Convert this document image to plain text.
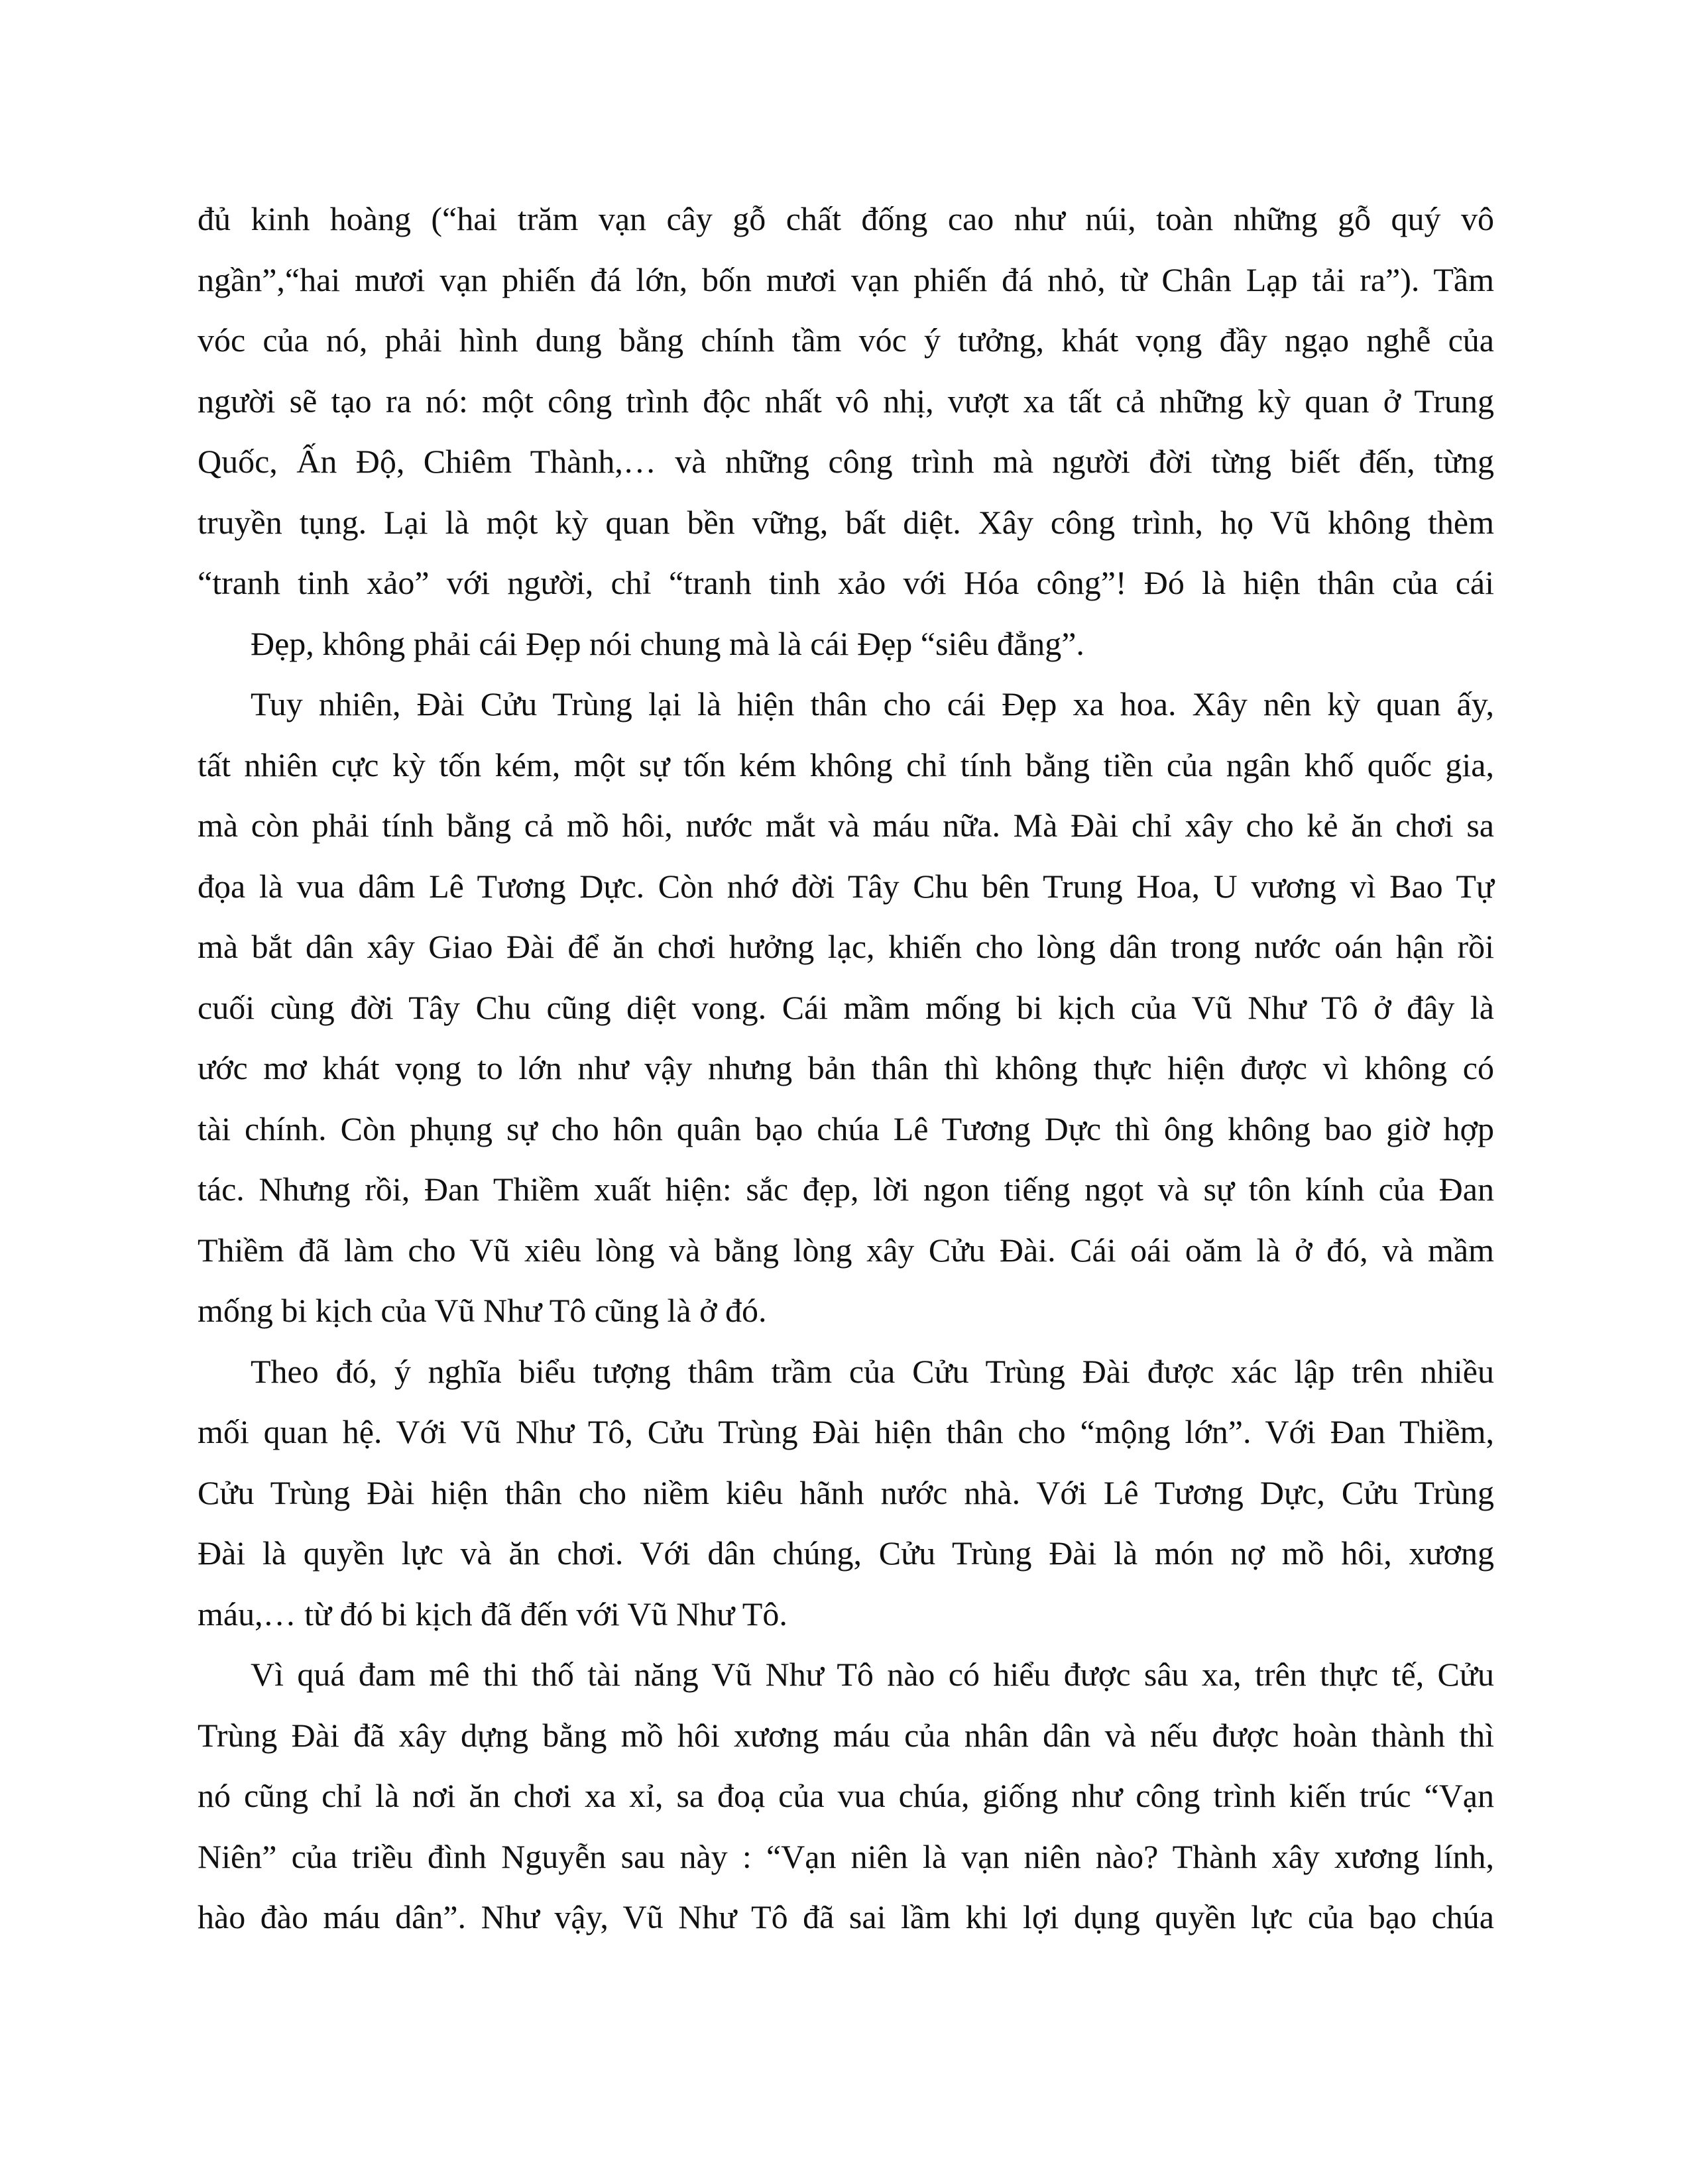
đủ kinh hoàng (“hai trăm vạn cây gỗ chất đống cao như núi, toàn những gỗ quý vô
ngần”,“hai mươi vạn phiến đá lớn, bốn mươi vạn phiến đá nhỏ, từ Chân Lạp tải ra”). Tầm
vóc của nó, phải hình dung bằng chính tầm vóc ý tưởng, khát vọng đầy ngạo nghễ của
người sẽ tạo ra nó: một công trình độc nhất vô nhị, vượt xa tất cả những kỳ quan ở Trung
Quốc, Ấn Độ, Chiêm Thành,… và những công trình mà người đời từng biết đến, từng
truyền tụng. Lại là một kỳ quan bền vững, bất diệt. Xây công trình, họ Vũ không thèm
“tranh tinh xảo” với người, chỉ “tranh tinh xảo với Hóa công”! Đó là hiện thân của cái
Đẹp, không phải cái Đẹp nói chung mà là cái Đẹp “siêu đẳng”.
Tuy nhiên, Đài Cửu Trùng lại là hiện thân cho cái Đẹp xa hoa. Xây nên kỳ quan ấy,
tất nhiên cực kỳ tốn kém, một sự tốn kém không chỉ tính bằng tiền của ngân khố quốc gia,
mà còn phải tính bằng cả mồ hôi, nước mắt và máu nữa. Mà Đài chỉ xây cho kẻ ăn chơi sa
đọa là vua dâm Lê Tương Dực. Còn nhớ đời Tây Chu bên Trung Hoa, U vương vì Bao Tự
mà bắt dân xây Giao Đài để ăn chơi hưởng lạc, khiến cho lòng dân trong nước oán hận rồi
cuối cùng đời Tây Chu cũng diệt vong. Cái mầm mống bi kịch của Vũ Như Tô ở đây là
ước mơ khát vọng to lớn như vậy nhưng bản thân thì không thực hiện được vì không có
tài chính. Còn phụng sự cho hôn quân bạo chúa Lê Tương Dực thì ông không bao giờ hợp
tác. Nhưng rồi, Đan Thiềm xuất hiện: sắc đẹp, lời ngon tiếng ngọt và sự tôn kính của Đan
Thiềm đã làm cho Vũ xiêu lòng và bằng lòng xây Cửu Đài. Cái oái oăm là ở đó, và mầm
mống bi kịch của Vũ Như Tô cũng là ở đó.
Theo đó, ý nghĩa biểu tượng thâm trầm của Cửu Trùng Đài được xác lập trên nhiều
mối quan hệ. Với Vũ Như Tô, Cửu Trùng Đài hiện thân cho “mộng lớn”. Với Đan Thiềm,
Cửu Trùng Đài hiện thân cho niềm kiêu hãnh nước nhà. Với Lê Tương Dực, Cửu Trùng
Đài là quyền lực và ăn chơi. Với dân chúng, Cửu Trùng Đài là món nợ mồ hôi, xương
máu,… từ đó bi kịch đã đến với Vũ Như Tô.
Vì quá đam mê thi thố tài năng Vũ Như Tô nào có hiểu được sâu xa, trên thực tế, Cửu
Trùng Đài đã xây dựng bằng mồ hôi xương máu của nhân dân và nếu được hoàn thành thì
nó cũng chỉ là nơi ăn chơi xa xỉ, sa đoạ của vua chúa, giống như công trình kiến trúc “Vạn
Niên” của triều đình Nguyễn sau này : “Vạn niên là vạn niên nào? Thành xây xương lính,
hào đào máu dân”. Như vậy, Vũ Như Tô đã sai lầm khi lợi dụng quyền lực của bạo chúa
